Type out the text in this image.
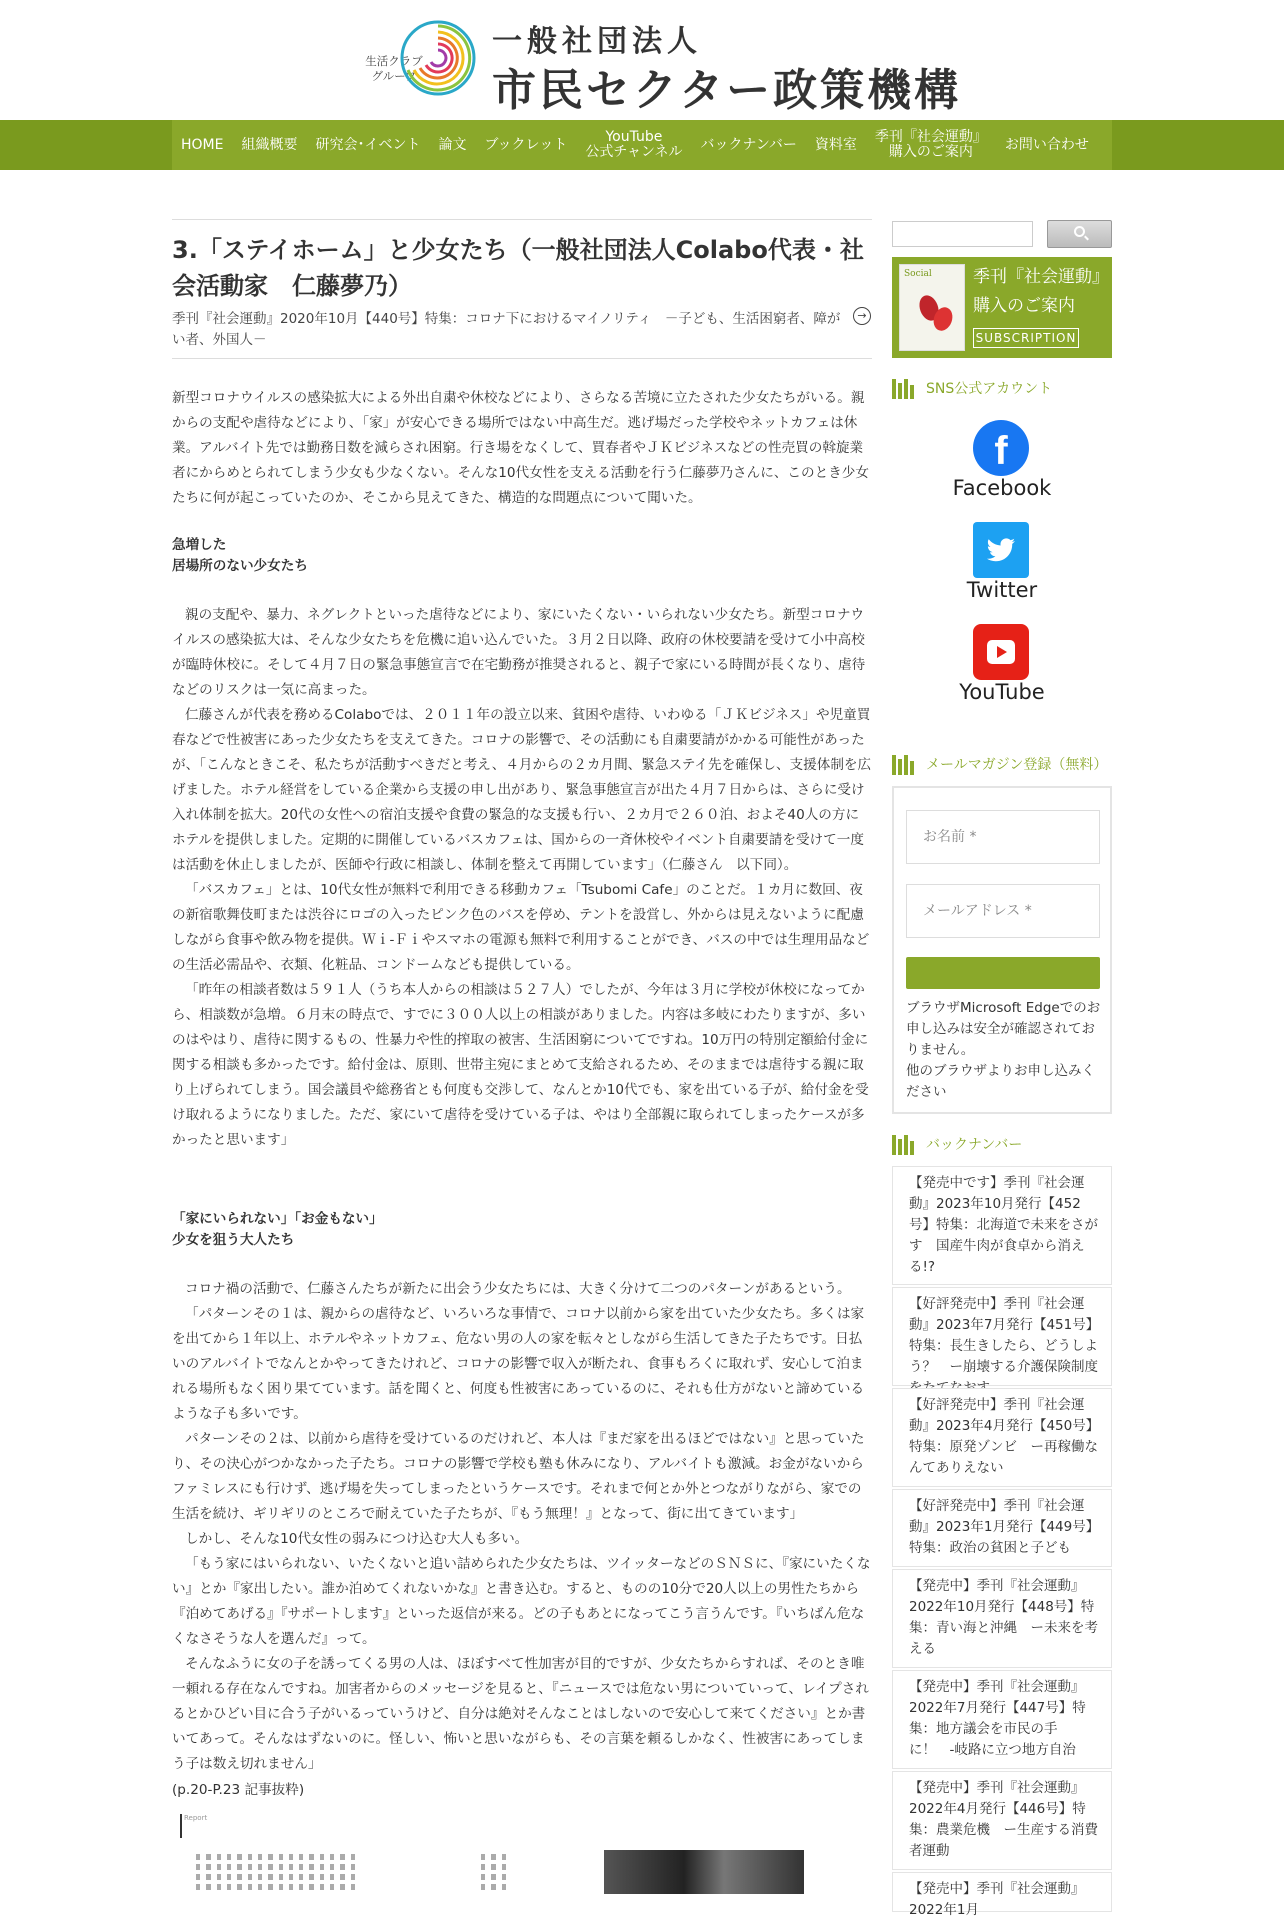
生活クラブ
グループ
一般社団法人
市民セクター政策機構
HOME 組織概要 研究会･イベント 論文 ブックレット	YouTube
公式チャンネル バックナンバー 資料室 季刊『社会運動』
購入のご案内	お問い合わせ
3.「ステイホーム」と少女たち（一般社団法人Colabo代表・社会活動家　仁藤夢乃）
季刊『社会運動』2020年10月【440号】特集：コロナ下におけるマイノリティ　－子ども、生活困窮者、障がい者、外国人－
→

新型コロナウイルスの感染拡大による外出自粛や休校などにより、さらなる苦境に立たされた少女たちがいる。親からの支配や虐待などにより、「家」が安心できる場所ではない中高生だ。逃げ場だった学校やネットカフェは休業。アルバイト先では勤務日数を減らされ困窮。行き場をなくして、買春者やＪＫビジネスなどの性売買の斡旋業者にからめとられてしまう少女も少なくない。そんな10代女性を支える活動を行う仁藤夢乃さんに、このとき少女たちに何が起こっていたのか、そこから見えてきた、構造的な問題点について聞いた。

急増した

居場所のない少女たち

親の支配や、暴力、ネグレクトといった虐待などにより、家にいたくない・いられない少女たち。新型コロナウイルスの感染拡大は、そんな少女たちを危機に追い込んでいた。３月２日以降、政府の休校要請を受けて小中高校が臨時休校に。そして４月７日の緊急事態宣言で在宅勤務が推奨されると、親子で家にいる時間が長くなり、虐待などのリスクは一気に高まった。

仁藤さんが代表を務めるColaboでは、２０１１年の設立以来、貧困や虐待、いわゆる「ＪＫビジネス」や児童買春などで性被害にあった少女たちを支えてきた。コロナの影響で、その活動にも自粛要請がかかる可能性があったが、「こんなときこそ、私たちが活動すべきだと考え、４月からの２カ月間、緊急ステイ先を確保し、支援体制を広げました。ホテル経営をしている企業から支援の申し出があり、緊急事態宣言が出た４月７日からは、さらに受け入れ体制を拡大。20代の女性への宿泊支援や食費の緊急的な支援も行い、２カ月で２６０泊、およそ40人の方にホテルを提供しました。定期的に開催しているバスカフェは、国からの一斉休校やイベント自粛要請を受けて一度は活動を休止しましたが、医師や行政に相談し、体制を整えて再開しています」（仁藤さん　以下同）。

「バスカフェ」とは、10代女性が無料で利用できる移動カフェ「Tsubomi Cafe」のことだ。１カ月に数回、夜の新宿歌舞伎町または渋谷にロゴの入ったピンク色のバスを停め、テントを設営し、外からは見えないように配慮しながら食事や飲み物を提供。Ｗｉ-Ｆｉやスマホの電源も無料で利用することができ、バスの中では生理用品などの生活必需品や、衣類、化粧品、コンドームなども提供している。

「昨年の相談者数は５９１人（うち本人からの相談は５２７人）でしたが、今年は３月に学校が休校になってから、相談数が急増。６月末の時点で、すでに３００人以上の相談がありました。内容は多岐にわたりますが、多いのはやはり、虐待に関するもの、性暴力や性的搾取の被害、生活困窮についてですね。10万円の特別定額給付金に関する相談も多かったです。給付金は、原則、世帯主宛にまとめて支給されるため、そのままでは虐待する親に取り上げられてしまう。国会議員や総務省とも何度も交渉して、なんとか10代でも、家を出ている子が、給付金を受け取れるようになりました。ただ、家にいて虐待を受けている子は、やはり全部親に取られてしまったケースが多かったと思います」

「家にいられない」「お金もない」

少女を狙う大人たち

コロナ禍の活動で、仁藤さんたちが新たに出会う少女たちには、大きく分けて二つのパターンがあるという。

「パターンその１は、親からの虐待など、いろいろな事情で、コロナ以前から家を出ていた少女たち。多くは家を出てから１年以上、ホテルやネットカフェ、危ない男の人の家を転々としながら生活してきた子たちです。日払いのアルバイトでなんとかやってきたけれど、コロナの影響で収入が断たれ、食事もろくに取れず、安心して泊まれる場所もなく困り果てています。話を聞くと、何度も性被害にあっているのに、それも仕方がないと諦めているような子も多いです。

パターンその２は、以前から虐待を受けているのだけれど、本人は『まだ家を出るほどではない』と思っていたり、その決心がつかなかった子たち。コロナの影響で学校も塾も休みになり、アルバイトも激減。お金がないからファミレスにも行けず、逃げ場を失ってしまったというケースです。それまで何とか外とつながりながら、家での生活を続け、ギリギリのところで耐えていた子たちが、『もう無理！』となって、街に出てきています」

しかし、そんな10代女性の弱みにつけ込む大人も多い。

「もう家にはいられない、いたくないと追い詰められた少女たちは、ツイッターなどのＳＮＳに、『家にいたくない』とか『家出したい。誰か泊めてくれないかな』と書き込む。すると、ものの10分で20人以上の男性たちから『泊めてあげる』『サポートします』といった返信が来る。どの子もあとになってこう言うんです。『いちばん危なくなさそうな人を選んだ』って。

そんなふうに女の子を誘ってくる男の人は、ほぼすべて性加害が目的ですが、少女たちからすれば、そのとき唯一頼れる存在なんですね。加害者からのメッセージを見ると、『ニュースでは危ない男についていって、レイプされるとかひどい目に合う子がいるっていうけど、自分は絶対そんなことはしないので安心して来てください』とか書いてあって。そんなはずないのに。怪しい、怖いと思いながらも、その言葉を頼るしかなく、性被害にあってしまう子は数え切れません」

(p.20-P.23 記事抜粋)

Report
Social 季刊『社会運動』
購入のご案内
SUBSCRIPTION
SNS公式アカウント
f
Facebook
Twitter
YouTube
メールマガジン登録（無料）
お名前 *
メールアドレス *
ブラウザMicrosoft Edgeでのお申し込みは安全が確認されておりません。
他のブラウザよりお申し込みください
バックナンバー
【発売中です】季刊『社会運動』2023年10月発行【452号】特集：北海道で未来をさがす　国産牛肉が食卓から消える!?
【好評発売中】季刊『社会運動』2023年7月発行【451号】特集：長生きしたら、どうしよう？　ー崩壊する介護保険制度
【好評発売中】季刊『社会運動』2023年4月発行【450号】特集：原発ゾンビ　ー再稼働なんてありえない
【好評発売中】季刊『社会運動』2023年1月発行【449号】特集：政治の貧困と子ども
【発売中】季刊『社会運動』2022年10月発行【448号】特集：青い海と沖縄　ー未来を考える
【発売中】季刊『社会運動』2022年7月発行【447号】特集：地方議会を市民の手に！　-岐路に立つ地方自治
【発売中】季刊『社会運動』2022年4月発行【446号】特集：農業危機　ー生産する消費者運動
【発売中】季刊『社会運動』2022年1月
